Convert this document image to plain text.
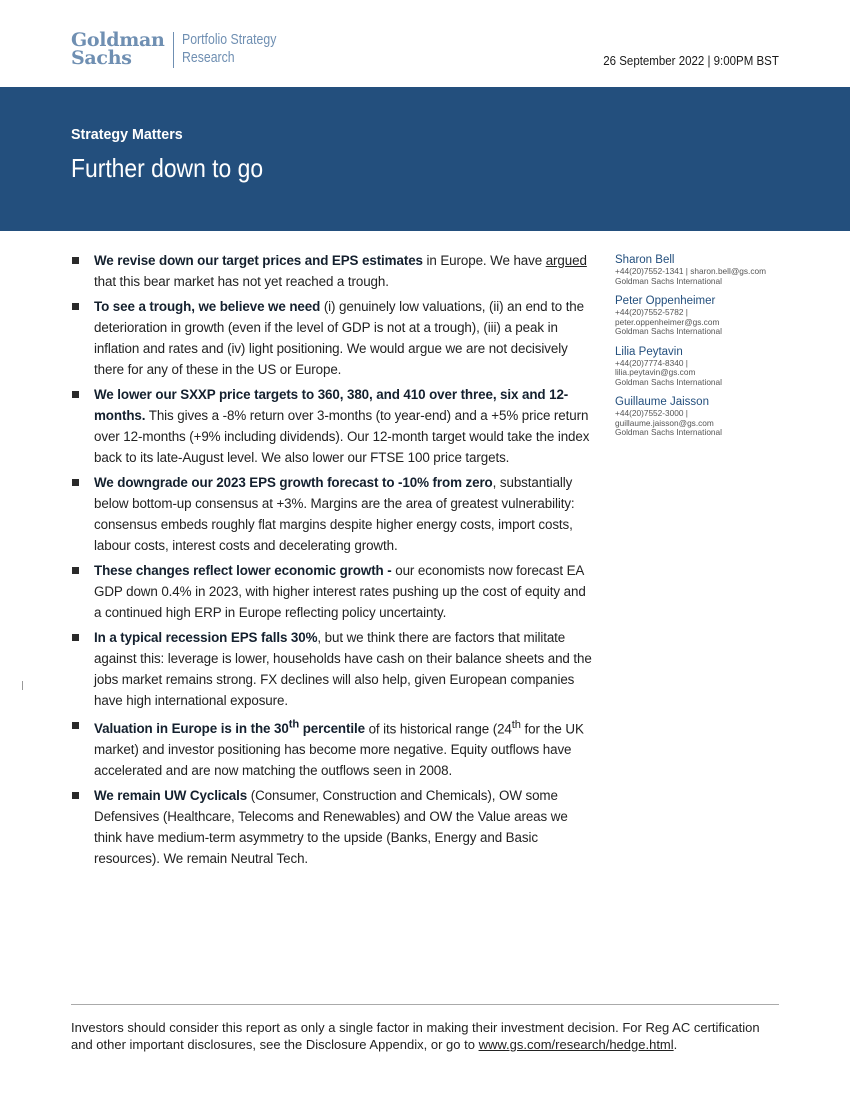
Goldman
Sachs
Portfolio Strategy
Research	26 September 2022 | 9:00PM BST
Strategy Matters
Further down to go
We revise down our target prices and EPS estimates in Europe. We have argued that this bear market has not yet reached a trough.
To see a trough, we believe we need (i) genuinely low valuations, (ii) an end to the deterioration in growth (even if the level of GDP is not at a trough), (iii) a peak in inflation and rates and (iv) light positioning. We would argue we are not decisively there for any of these in the US or Europe.
We lower our SXXP price targets to 360, 380, and 410 over three, six and 12-months. This gives a -8% return over 3-months (to year-end) and a +5% price return over 12-months (+9% including dividends). Our 12-month target would take the index back to its late-August level. We also lower our FTSE 100 price targets.
We downgrade our 2023 EPS growth forecast to -10% from zero, substantially below bottom-up consensus at +3%. Margins are the area of greatest vulnerability: consensus embeds roughly flat margins despite higher energy costs, import costs, labour costs, interest costs and decelerating growth.
These changes reflect lower economic growth - our economists now forecast EA GDP down 0.4% in 2023, with higher interest rates pushing up the cost of equity and a continued high ERP in Europe reflecting policy uncertainty.
In a typical recession EPS falls 30%, but we think there are factors that militate against this: leverage is lower, households have cash on their balance sheets and the jobs market remains strong. FX declines will also help, given European companies have high international exposure.
Valuation in Europe is in the 30th percentile of its historical range (24th for the UK market) and investor positioning has become more negative. Equity outflows have accelerated and are now matching the outflows seen in 2008.
We remain UW Cyclicals (Consumer, Construction and Chemicals), OW some Defensives (Healthcare, Telecoms and Renewables) and OW the Value areas we think have medium-term asymmetry to the upside (Banks, Energy and Basic resources). We remain Neutral Tech.
Sharon Bell
+44(20)7552-1341 | sharon.bell@gs.com
Goldman Sachs International
Peter Oppenheimer
+44(20)7552-5782 |
peter.oppenheimer@gs.com
Goldman Sachs International
Lilia Peytavin
+44(20)7774-8340 |
lilia.peytavin@gs.com
Goldman Sachs International
Guillaume Jaisson
+44(20)7552-3000 |
guillaume.jaisson@gs.com
Goldman Sachs International
Investors should consider this report as only a single factor in making their investment decision. For Reg AC certification and other important disclosures, see the Disclosure Appendix, or go to www.gs.com/research/hedge.html.
